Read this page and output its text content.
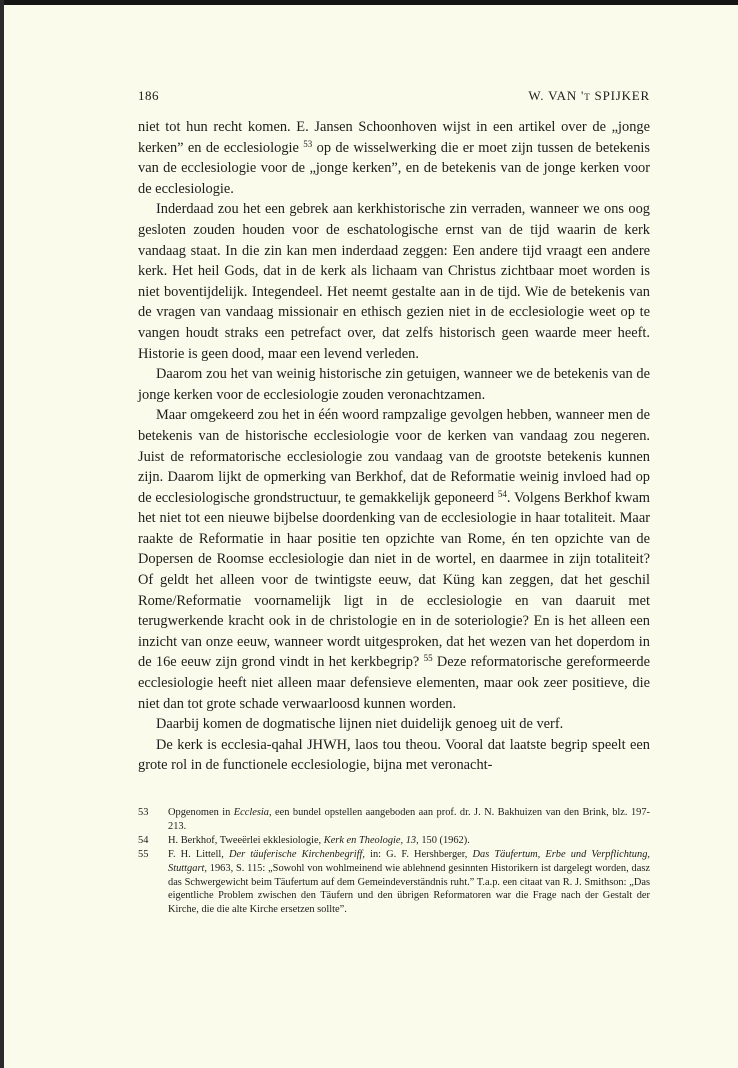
186	W. VAN 't SPIJKER

niet tot hun recht komen. E. Jansen Schoonhoven wijst in een artikel over de „jonge kerken” en de ecclesiologie $^{53}$ op de wisselwerking die er moet zijn tussen de betekenis van de ecclesiologie voor de „jonge kerken”, en de betekenis van de jonge kerken voor de ecclesiologie.

Inderdaad zou het een gebrek aan kerkhistorische zin verraden, wanneer we ons oog gesloten zouden houden voor de eschatologische ernst van de tijd waarin de kerk vandaag staat. In die zin kan men inderdaad zeggen: Een andere tijd vraagt een andere kerk. Het heil Gods, dat in de kerk als lichaam van Christus zichtbaar moet worden is niet boventijdelijk. Integendeel. Het neemt gestalte aan in de tijd. Wie de betekenis van de vragen van vandaag missionair en ethisch gezien niet in de ecclesiologie weet op te vangen houdt straks een petrefact over, dat zelfs historisch geen waarde meer heeft. Historie is geen dood, maar een levend verleden.

Daarom zou het van weinig historische zin getuigen, wanneer we de betekenis van de jonge kerken voor de ecclesiologie zouden veronachtzamen.

Maar omgekeerd zou het in één woord rampzalige gevolgen hebben, wanneer men de betekenis van de historische ecclesiologie voor de kerken van vandaag zou negeren. Juist de reformatorische ecclesiologie zou vandaag van de grootste betekenis kunnen zijn. Daarom lijkt de opmerking van Berkhof, dat de Reformatie weinig invloed had op de ecclesiologische grondstructuur, te gemakkelijk geponeerd $^{54}$. Volgens Berkhof kwam het niet tot een nieuwe bijbelse doordenking van de ecclesiologie in haar totaliteit. Maar raakte de Reformatie in haar positie ten opzichte van Rome, én ten opzichte van de Dopersen de Roomse ecclesiologie dan niet in de wortel, en daarmee in zijn totaliteit? Of geldt het alleen voor de twintigste eeuw, dat Küng kan zeggen, dat het geschil Rome/Reformatie voornamelijk ligt in de ecclesiologie en van daaruit met terugwerkende kracht ook in de christologie en in de soteriologie? En is het alleen een inzicht van onze eeuw, wanneer wordt uitgesproken, dat het wezen van het doperdom in de 16e eeuw zijn grond vindt in het kerkbegrip? $^{55}$ Deze reformatorische gereformeerde ecclesiologie heeft niet alleen maar defensieve elementen, maar ook zeer positieve, die niet dan tot grote schade verwaarloosd kunnen worden.

Daarbij komen de dogmatische lijnen niet duidelijk genoeg uit de verf.

De kerk is ecclesia-qahal JHWH, laos tou theou. Vooral dat laatste begrip speelt een grote rol in de functionele ecclesiologie, bijna met veronacht-

53	Opgenomen in Ecclesia, een bundel opstellen aangeboden aan prof. dr. J. N. Bakhuizen van den Brink, blz. 197-213.
54	H. Berkhof, Tweeërlei ekklesiologie, Kerk en Theologie, 13, 150 (1962).
55	F. H. Littell, Der täuferische Kirchenbegriff, in: G. F. Hershberger, Das Täufertum, Erbe und Verpflichtung, Stuttgart, 1963, S. 115: „Sowohl von wohlmeinend wie ablehnend gesinnten Historikern ist dargelegt worden, dasz das Schwergewicht beim Täufertum auf dem Gemeindeverständnis ruht.” T.a.p. een citaat van R. J. Smithson: „Das eigentliche Problem zwischen den Täufern und den übrigen Reformatoren war die Frage nach der Gestalt der Kirche, die die alte Kirche ersetzen sollte”.
